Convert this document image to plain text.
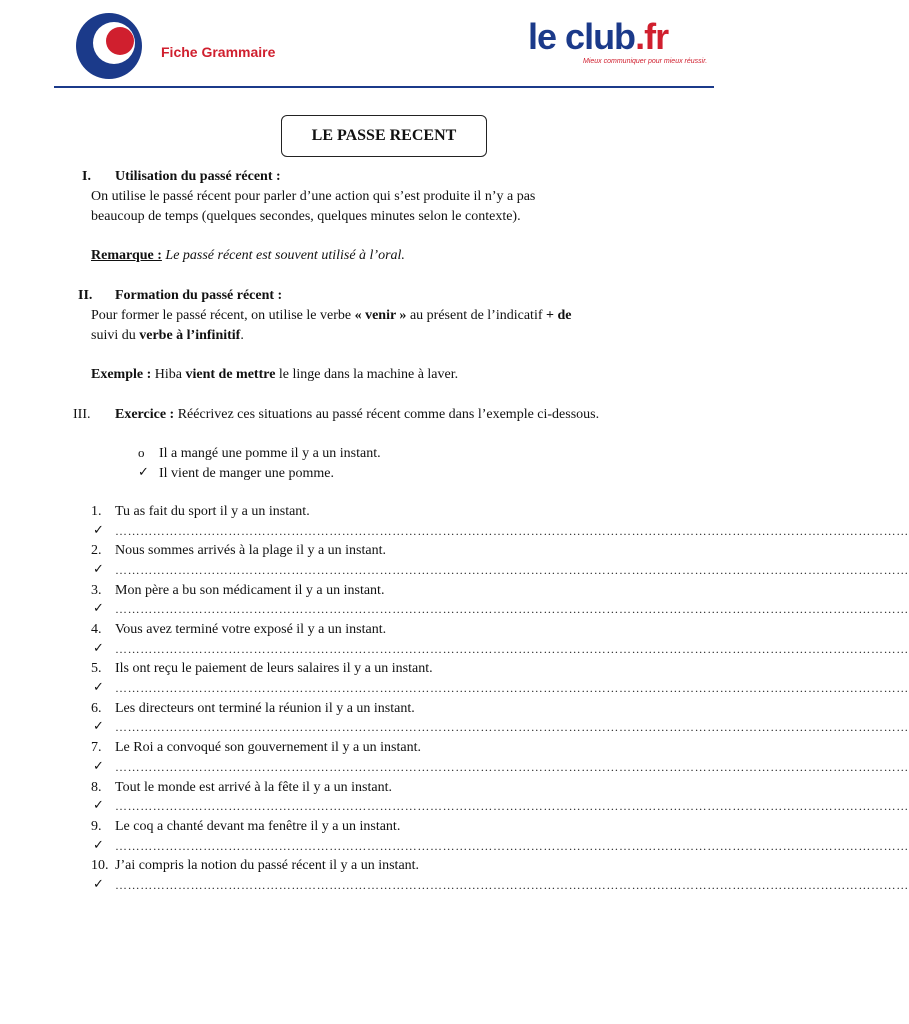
Fiche Grammaire	le club.fr
Mieux communiquer pour mieux réussir.
LE PASSE RECENT
I. Utilisation du passé récent :
On utilise le passé récent pour parler d’une action qui s’est produite il n’y a pas
beaucoup de temps (quelques secondes, quelques minutes selon le contexte).
Remarque : Le passé récent est souvent utilisé à l’oral.
II. Formation du passé récent :
Pour former le passé récent, on utilise le verbe « venir » au présent de l’indicatif + de
suivi du verbe à l’infinitif.
Exemple : Hiba vient de mettre le linge dans la machine à laver.
III. Exercice : Réécrivez ces situations au passé récent comme dans l’exemple ci-dessous.
o Il a mangé une pomme il y a un instant.
✓ Il vient de manger une pomme.
1. Tu as fait du sport il y a un instant.
✓ ………………………………………………………………………………………………………………………………………………………………………
2. Nous sommes arrivés à la plage il y a un instant.
✓ ………………………………………………………………………………………………………………………………………………………………………
3. Mon père a bu son médicament il y a un instant.
✓ ………………………………………………………………………………………………………………………………………………………………………
4. Vous avez terminé votre exposé il y a un instant.
✓ ………………………………………………………………………………………………………………………………………………………………………
5. Ils ont reçu le paiement de leurs salaires il y a un instant.
✓ ………………………………………………………………………………………………………………………………………………………………………
6. Les directeurs ont terminé la réunion il y a un instant.
✓ ………………………………………………………………………………………………………………………………………………………………………
7. Le Roi a convoqué son gouvernement il y a un instant.
✓ ………………………………………………………………………………………………………………………………………………………………………
8. Tout le monde est arrivé à la fête il y a un instant.
✓ ………………………………………………………………………………………………………………………………………………………………………
9. Le coq a chanté devant ma fenêtre il y a un instant.
✓ ………………………………………………………………………………………………………………………………………………………………………
10. J’ai compris la notion du passé récent il y a un instant.
✓ ………………………………………………………………………………………………………………………………………………………………………
